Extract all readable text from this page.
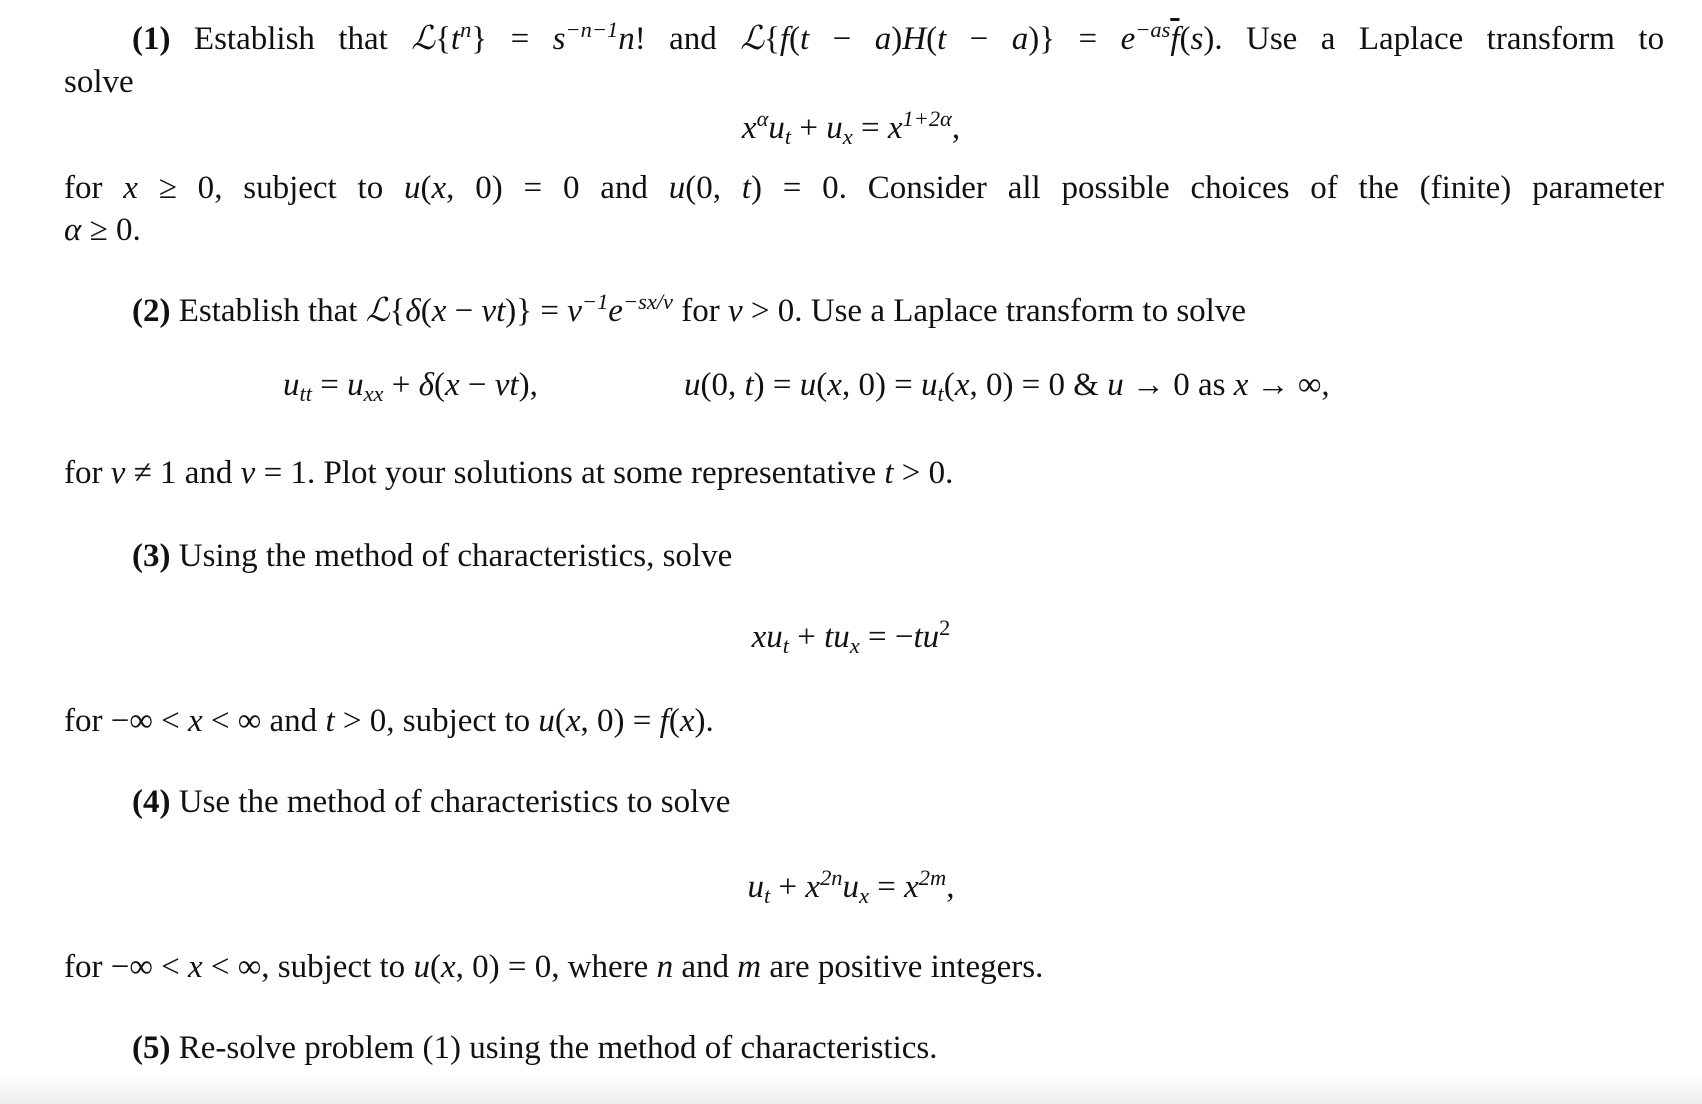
(1) Establish that $ℒ\{t^n\} = s^{-n-1}n$! and ℒ{f(t − $a)H(t - a)\} = e^{-as}\overline{f}(s)$. Use a Laplace transform to
solve
$x^\alpha u_t + u_x = x^{1+2\alpha}$,
for x ≥ 0, subject to u(x, 0) = 0 and u(0, t) = 0. Consider all possible choices of the (finite) parameter
α ≥ 0.
(2) Establish that ℒ{δ(x − $vt)\} = v^{-1}e^{-sx/v}$ for v > 0. Use a Laplace transform to solve
$u_{tt} = u_{xx} + \delta(x - vt)$,	u(0, t) = u(x, $0) = u_t(x$, 0) = 0 & u → 0 as x → ∞,
for v ≠ 1 and v = 1. Plot your solutions at some representative t > 0.
(3) Using the method of characteristics, solve
$xu_t + tu_x = -tu^2$
for −∞ < x < ∞ and t > 0, subject to u(x, 0) = f(x).
(4) Use the method of characteristics to solve
$u_t + x^{2n}u_x = x^{2m}$,
for −∞ < x < ∞, subject to u(x, 0) = 0, where n and m are positive integers.
(5) Re-solve problem (1) using the method of characteristics.
